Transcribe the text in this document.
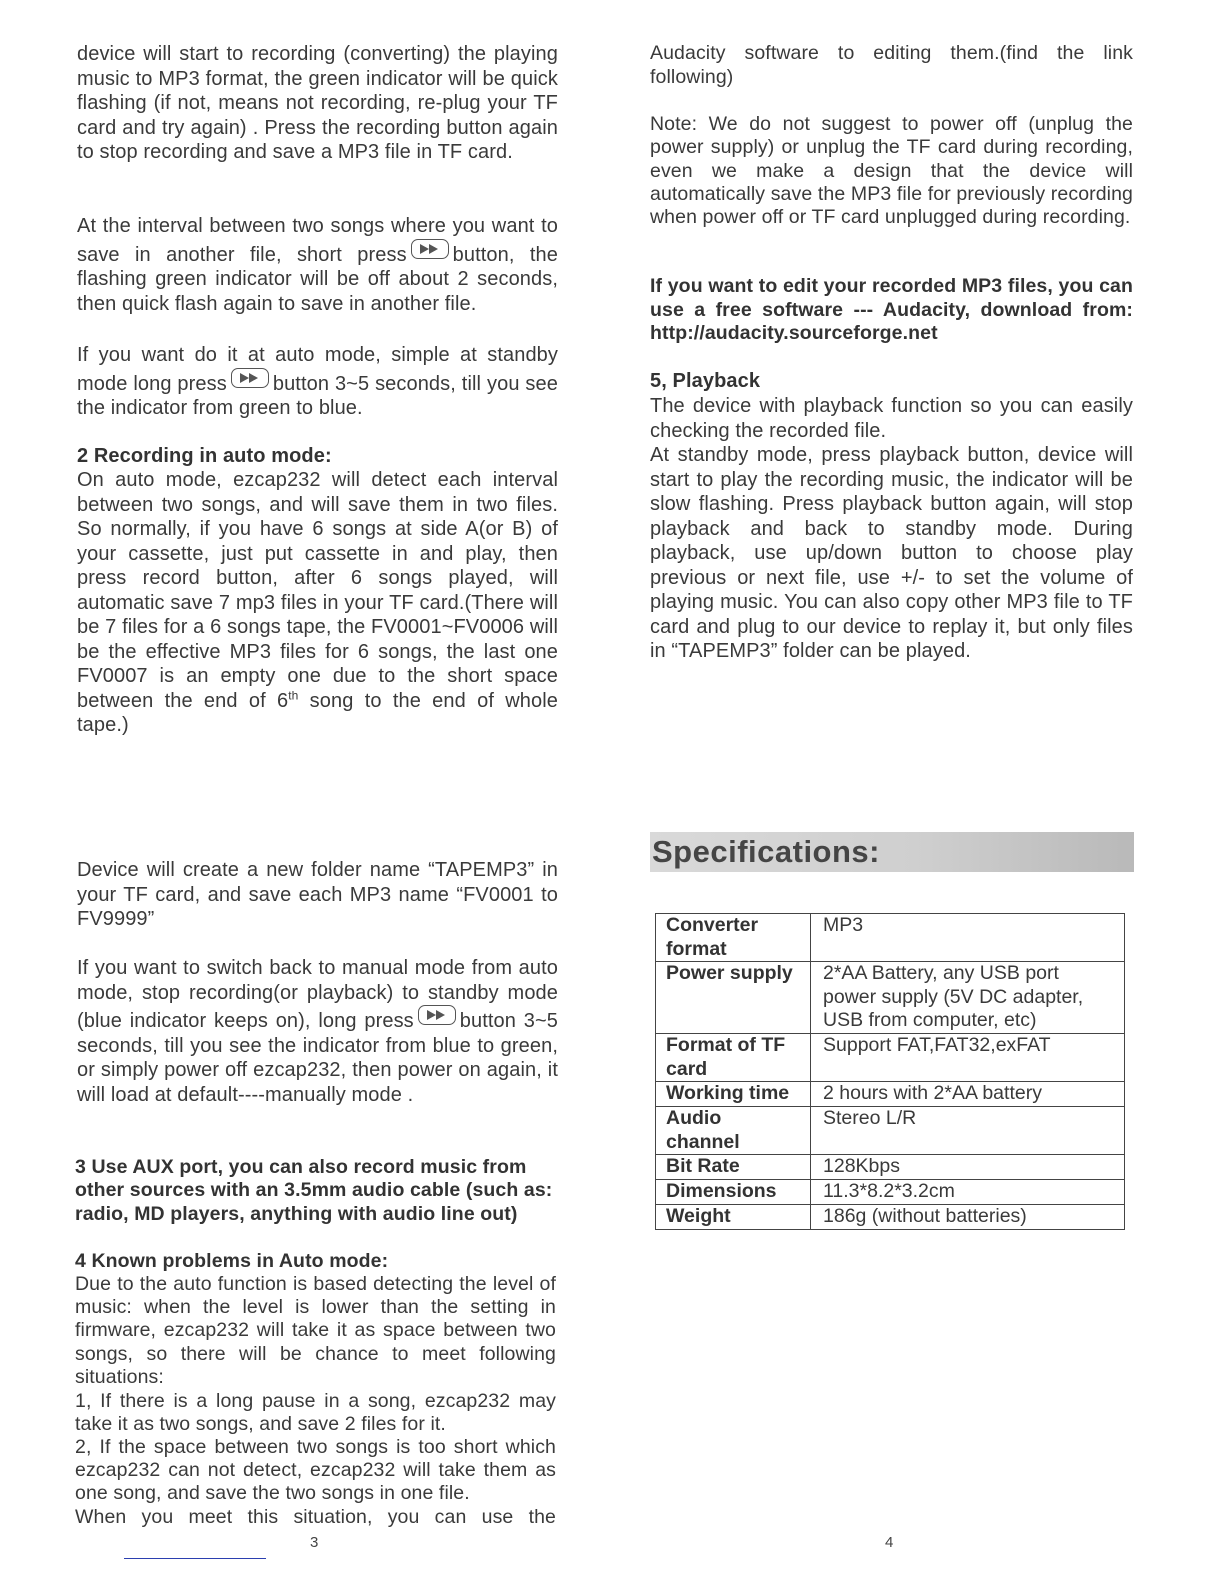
device will start to recording (converting) the playing music to MP3 format, the green indicator will be quick flashing (if not, means not recording, re-plug your TF card and try again) . Press the recording button again to stop recording and save a MP3 file in TF card.

At the interval between two songs where you want to save in another file, short press button, the flashing green indicator will be off about 2 seconds, then quick flash again to save in another file.

If you want do it at auto mode, simple at standby mode long press button 3~5 seconds, till you see the indicator from green to blue.

2 Recording in auto mode:

On auto mode, ezcap232 will detect each interval between two songs, and will save them in two files. So normally, if you have 6 songs at side A(or B) of your cassette, just put cassette in and play, then press record button, after 6 songs played, will automatic save 7 mp3 files in your TF card.(There will be 7 files for a 6 songs tape, the FV0001~FV0006 will be the effective MP3 files for 6 songs, the last one FV0007 is an empty one due to the short space between the end of 6th song to the end of whole tape.)

Device will create a new folder name “TAPEMP3” in your TF card, and save each MP3 name “FV0001 to FV9999”

If you want to switch back to manual mode from auto mode, stop recording(or playback) to standby mode (blue indicator keeps on), long press button 3~5 seconds, till you see the indicator from blue to green, or simply power off ezcap232, then power on again, it will load at default----manually mode .

3 Use AUX port, you can also record music from other sources with an 3.5mm audio cable (such as: radio, MD players, anything with audio line out)

4 Known problems in Auto mode:

Due to the auto function is based detecting the level of music: when the level is lower than the setting in firmware, ezcap232 will take it as space between two songs, so there will be chance to meet following situations:

1, If there is a long pause in a song, ezcap232 may take it as two songs, and save 2 files for it.

2, If the space between two songs is too short which ezcap232 can not detect, ezcap232 will take them as one song, and save the two songs in one file.

When you meet this situation, you can use the

3

Audacity software to editing them.(find the link following)

Note: We do not suggest to power off (unplug the power supply) or unplug the TF card during recording, even we make a design that the device will automatically save the MP3 file for previously recording when power off or TF card unplugged during recording.

If you want to edit your recorded MP3 files, you can use a free software --- Audacity, download from: http://audacity.sourceforge.net

5, Playback

The device with playback function so you can easily checking the recorded file.

At standby mode, press playback button, device will start to play the recording music, the indicator will be slow flashing. Press playback button again, will stop playback and back to standby mode. During playback, use up/down button to choose play previous or next file, use +/- to set the volume of playing music. You can also copy other MP3 file to TF card and plug to our device to replay it, but only files in “TAPEMP3” folder can be played.

Specifications:
Converter format	MP3
Power supply	2*AA Battery, any USB port power supply (5V DC adapter, USB from computer, etc)
Format of TF card	Support FAT,FAT32,exFAT
Working time	2 hours with 2*AA battery
Audio channel	Stereo L/R
Bit Rate	128Kbps
Dimensions	11.3*8.2*3.2cm
Weight	186g (without batteries)
4
